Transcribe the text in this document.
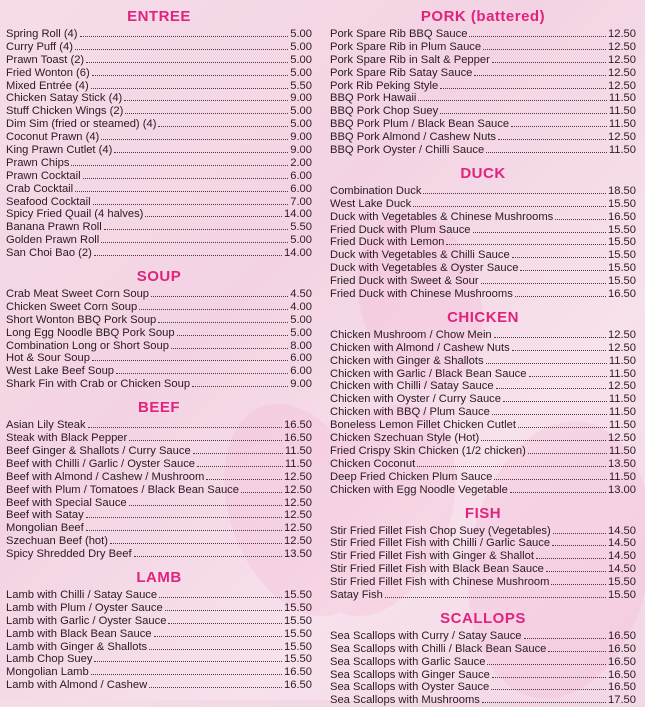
ENTREE
Spring Roll (4)	5.00
Curry Puff (4)	5.00
Prawn Toast (2)	5.00
Fried Wonton (6)	5.00
Mixed Entrée (4)	5.50
Chicken Satay Stick (4)	9.00
Stuff Chicken Wings (2)	5.00
Dim Sim (fried or steamed) (4)	5.00
Coconut Prawn (4)	9.00
King Prawn Cutlet (4)	9.00
Prawn Chips	2.00
Prawn Cocktail	6.00
Crab Cocktail	6.00
Seafood Cocktail	7.00
Spicy Fried Quail (4 halves)	14.00
Banana Prawn Roll	5.50
Golden Prawn Roll	5.00
San Choi Bao (2)	14.00
SOUP
Crab Meat Sweet Corn Soup	4.50
Chicken Sweet Corn Soup	4.00
Short Wonton BBQ Pork Soup	5.00
Long Egg Noodle BBQ Pork Soup	5.00
Combination Long or Short Soup	8.00
Hot & Sour Soup	6.00
West Lake Beef Soup	6.00
Shark Fin with Crab or Chicken Soup	9.00
BEEF
Asian Lily Steak	16.50
Steak with Black Pepper	16.50
Beef Ginger & Shallots / Curry Sauce	11.50
Beef with Chilli / Garlic / Oyster Sauce	11.50
Beef with Almond / Cashew / Mushroom	12.50
Beef with Plum / Tomatoes / Black Bean Sauce	12.50
Beef with Special Sauce	12.50
Beef with Satay	12.50
Mongolian Beef	12.50
Szechuan Beef (hot)	12.50
Spicy Shredded Dry Beef	13.50
LAMB
Lamb with Chilli / Satay Sauce	15.50
Lamb with Plum / Oyster Sauce	15.50
Lamb with Garlic / Oyster Sauce	15.50
Lamb with Black Bean Sauce	15.50
Lamb with Ginger & Shallots	15.50
Lamb Chop Suey	15.50
Mongolian Lamb	16.50
Lamb with Almond / Cashew	16.50
PORK (battered)
Pork Spare Rib BBQ Sauce	12.50
Pork Spare Rib in Plum Sauce	12.50
Pork Spare Rib in Salt & Pepper	12.50
Pork Spare Rib Satay Sauce	12.50
Pork Rib Peking Style	12.50
BBQ Pork Hawaii	11.50
BBQ Pork Chop Suey	11.50
BBQ Pork Plum / Black Bean Sauce	11.50
BBQ Pork Almond / Cashew Nuts	12.50
BBQ Pork Oyster / Chilli Sauce	11.50
DUCK
Combination Duck	18.50
West Lake Duck	15.50
Duck with Vegetables & Chinese Mushrooms	16.50
Fried Duck with Plum Sauce	15.50
Fried Duck with Lemon	15.50
Duck with Vegetables & Chilli Sauce	15.50
Duck with Vegetables & Oyster Sauce	15.50
Fried Duck with Sweet & Sour	15.50
Fried Duck with Chinese Mushrooms	16.50
CHICKEN
Chicken Mushroom / Chow Mein	12.50
Chicken with Almond / Cashew Nuts	12.50
Chicken with Ginger & Shallots	11.50
Chicken with Garlic / Black Bean Sauce	11.50
Chicken with Chilli / Satay Sauce	12.50
Chicken with Oyster / Curry Sauce	11.50
Chicken with BBQ / Plum Sauce	11.50
Boneless Lemon Fillet Chicken Cutlet	11.50
Chicken Szechuan Style (Hot)	12.50
Fried Crispy Skin Chicken (1/2 chicken)	11.50
Chicken Coconut	13.50
Deep Fried Chicken Plum Sauce	11.50
Chicken with Egg Noodle Vegetable	13.00
FISH
Stir Fried Fillet Fish Chop Suey (Vegetables)	14.50
Stir Fried Fillet Fish with Chilli / Garlic Sauce	14.50
Stir Fried Fillet Fish with Ginger & Shallot	14.50
Stir Fried Fillet Fish with Black Bean Sauce	14.50
Stir Fried Fillet Fish with Chinese Mushroom	15.50
Satay Fish	15.50
SCALLOPS
Sea Scallops with Curry / Satay Sauce	16.50
Sea Scallops with Chilli / Black Bean Sauce	16.50
Sea Scallops with Garlic Sauce	16.50
Sea Scallops with Ginger Sauce	16.50
Sea Scallops with Oyster Sauce	16.50
Sea Scallops with Mushrooms	17.50
